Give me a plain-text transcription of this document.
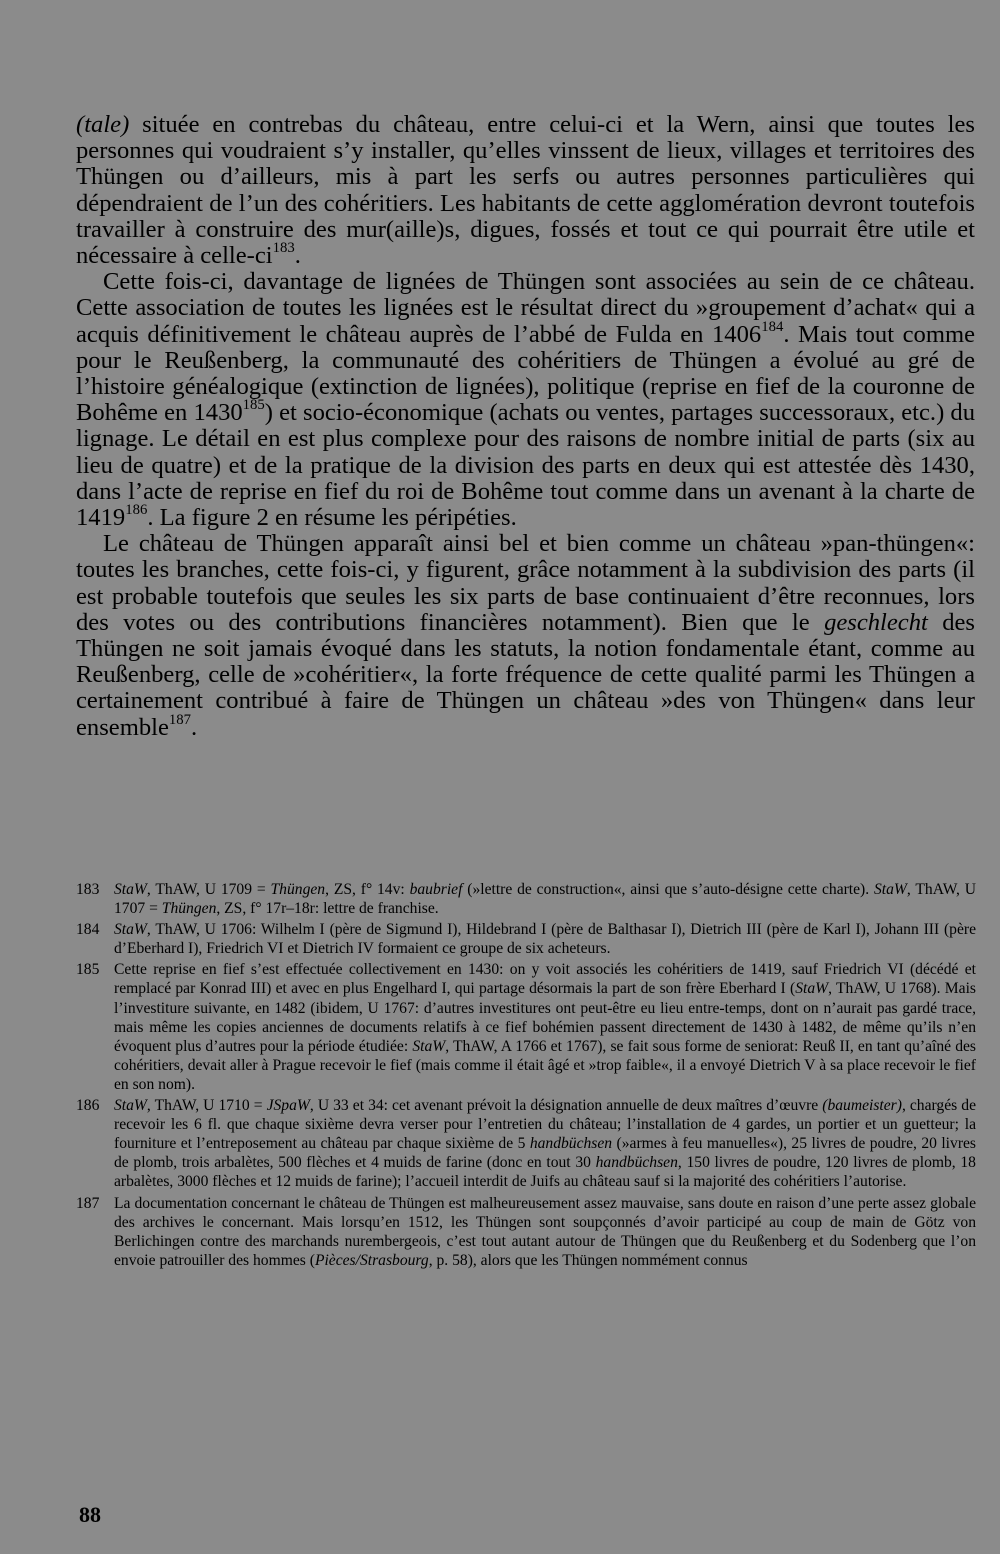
(tale) située en contrebas du château, entre celui-ci et la Wern, ainsi que toutes les personnes qui voudraient s’y installer, qu’elles vinssent de lieux, villages et territoires des Thüngen ou d’ailleurs, mis à part les serfs ou autres personnes particulières qui dépendraient de l’un des cohéritiers. Les habitants de cette agglomération devront toutefois travailler à construire des mur(aille)s, digues, fossés et tout ce qui pourrait être utile et nécessaire à celle-$ci^{183}$.

Cette fois-ci, davantage de lignées de Thüngen sont associées au sein de ce château. Cette association de toutes les lignées est le résultat direct du »groupement d’achat« qui a acquis définitivement le château auprès de l’abbé de Fulda en 1406$^{184}$. Mais tout comme pour le Reußenberg, la communauté des cohéritiers de Thüngen a évolué au gré de l’histoire généalogique (extinction de lignées), politique (reprise en fief de la couronne de Bohême en 1430$^{185}$) et socio-économique (achats ou ventes, partages successoraux, etc.) du lignage. Le détail en est plus complexe pour des raisons de nombre initial de parts (six au lieu de quatre) et de la pratique de la division des parts en deux qui est attestée dès 1430, dans l’acte de reprise en fief du roi de Bohême tout comme dans un avenant à la charte de 1419$^{186}$. La figure 2 en résume les péripéties.

Le château de Thüngen apparaît ainsi bel et bien comme un château »pan-thüngen«: toutes les branches, cette fois-ci, y figurent, grâce notamment à la subdivision des parts (il est probable toutefois que seules les six parts de base continuaient d’être reconnues, lors des votes ou des contributions financières notamment). Bien que le geschlecht des Thüngen ne soit jamais évoqué dans les statuts, la notion fondamentale étant, comme au Reußenberg, celle de »cohéritier«, la forte fréquence de cette qualité parmi les Thüngen a certainement contribué à faire de Thüngen un château »des von Thüngen« dans leur ensemble$^{187}$.

183 StaW, ThAW, U 1709 = Thüngen, ZS, f° 14v: baubrief (»lettre de construction«, ainsi que s’auto-désigne cette charte). StaW, ThAW, U 1707 = Thüngen, ZS, f° 17r–18r: lettre de franchise.
184 StaW, ThAW, U 1706: Wilhelm I (père de Sigmund I), Hildebrand I (père de Balthasar I), Dietrich III (père de Karl I), Johann III (père d’Eberhard I), Friedrich VI et Dietrich IV formaient ce groupe de six acheteurs.
185 Cette reprise en fief s’est effectuée collectivement en 1430: on y voit associés les cohéritiers de 1419, sauf Friedrich VI (décédé et remplacé par Konrad III) et avec en plus Engelhard I, qui partage désormais la part de son frère Eberhard I (StaW, ThAW, U 1768). Mais l’investiture suivante, en 1482 (ibidem, U 1767: d’autres investitures ont peut-être eu lieu entre-temps, dont on n’aurait pas gardé trace, mais même les copies anciennes de documents relatifs à ce fief bohémien passent directement de 1430 à 1482, de même qu’ils n’en évoquent plus d’autres pour la période étudiée: StaW, ThAW, A 1766 et 1767), se fait sous forme de seniorat: Reuß II, en tant qu’aîné des cohéritiers, devait aller à Prague recevoir le fief (mais comme il était âgé et »trop faible«, il a envoyé Dietrich V à sa place recevoir le fief en son nom).
186 StaW, ThAW, U 1710 = JSpaW, U 33 et 34: cet avenant prévoit la désignation annuelle de deux maîtres d’œuvre (baumeister), chargés de recevoir les 6 fl. que chaque sixième devra verser pour l’entretien du château; l’installation de 4 gardes, un portier et un guetteur; la fourniture et l’entreposement au château par chaque sixième de 5 handbüchsen (»armes à feu manuelles«), 25 livres de poudre, 20 livres de plomb, trois arbalètes, 500 flèches et 4 muids de farine (donc en tout 30 handbüchsen, 150 livres de poudre, 120 livres de plomb, 18 arbalètes, 3000 flèches et 12 muids de farine); l’accueil interdit de Juifs au château sauf si la majorité des cohéritiers l’autorise.
187 La documentation concernant le château de Thüngen est malheureusement assez mauvaise, sans doute en raison d’une perte assez globale des archives le concernant. Mais lorsqu’en 1512, les Thüngen sont soupçonnés d’avoir participé au coup de main de Götz von Berlichingen contre des marchands nurembergeois, c’est tout autant autour de Thüngen que du Reußenberg et du Sodenberg que l’on envoie patrouiller des hommes (Pièces/Strasbourg, p. 58), alors que les Thüngen nommément connus
88
